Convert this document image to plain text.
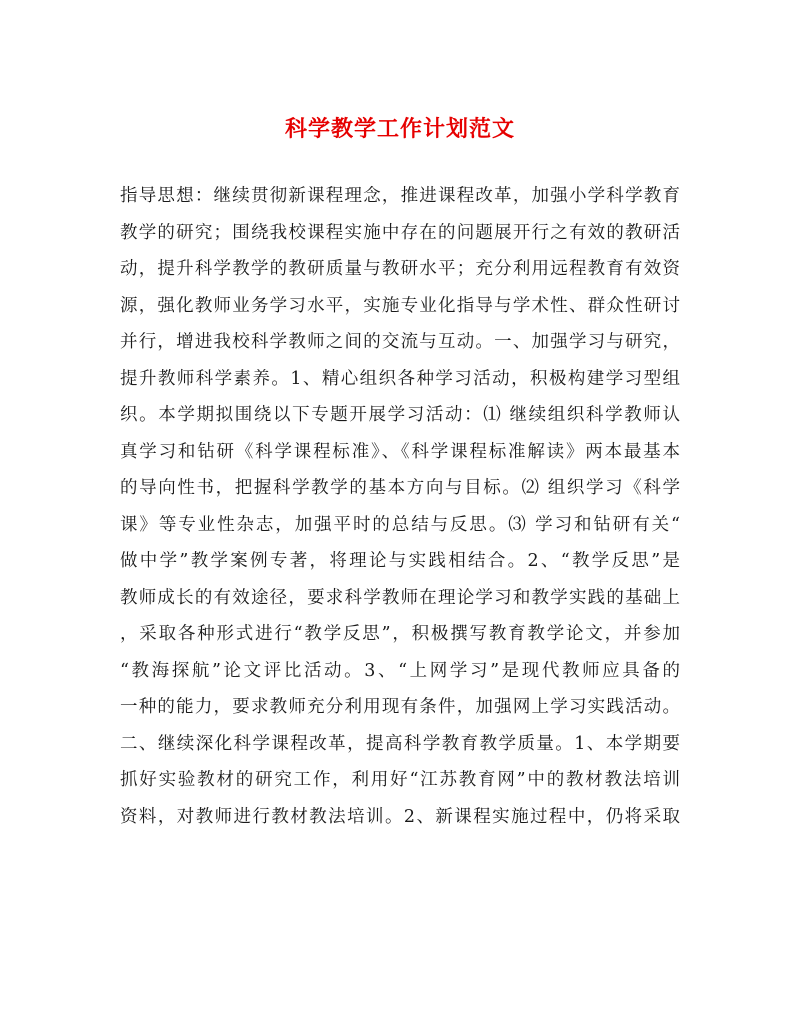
科学教学工作计划范文
指导思想：继续贯彻新课程理念，推进课程改革，加强小学科学教育
教学的研究；围绕我校课程实施中存在的问题展开行之有效的教研活
动，提升科学教学的教研质量与教研水平；充分利用远程教育有效资
源，强化教师业务学习水平，实施专业化指导与学术性、群众性研讨
并行，增进我校科学教师之间的交流与互动。一、加强学习与研究，
提升教师科学素养。1、精心组织各种学习活动，积极构建学习型组
织。本学期拟围绕以下专题开展学习活动：⑴ 继续组织科学教师认
真学习和钻研《科学课程标准》、《科学课程标准解读》两本最基本
的导向性书，把握科学教学的基本方向与目标。⑵ 组织学习《科学
课》等专业性杂志，加强平时的总结与反思。⑶ 学习和钻研有关“
做中学”教学案例专著，将理论与实践相结合。2、“教学反思”是
教师成长的有效途径，要求科学教师在理论学习和教学实践的基础上
，采取各种形式进行“教学反思”，积极撰写教育教学论文，并参加
“教海探航”论文评比活动。3、“上网学习”是现代教师应具备的
一种的能力，要求教师充分利用现有条件，加强网上学习实践活动。
二、继续深化科学课程改革，提高科学教育教学质量。1、本学期要
抓好实验教材的研究工作，利用好“江苏教育网”中的教材教法培训
资料，对教师进行教材教法培训。2、新课程实施过程中，仍将采取
